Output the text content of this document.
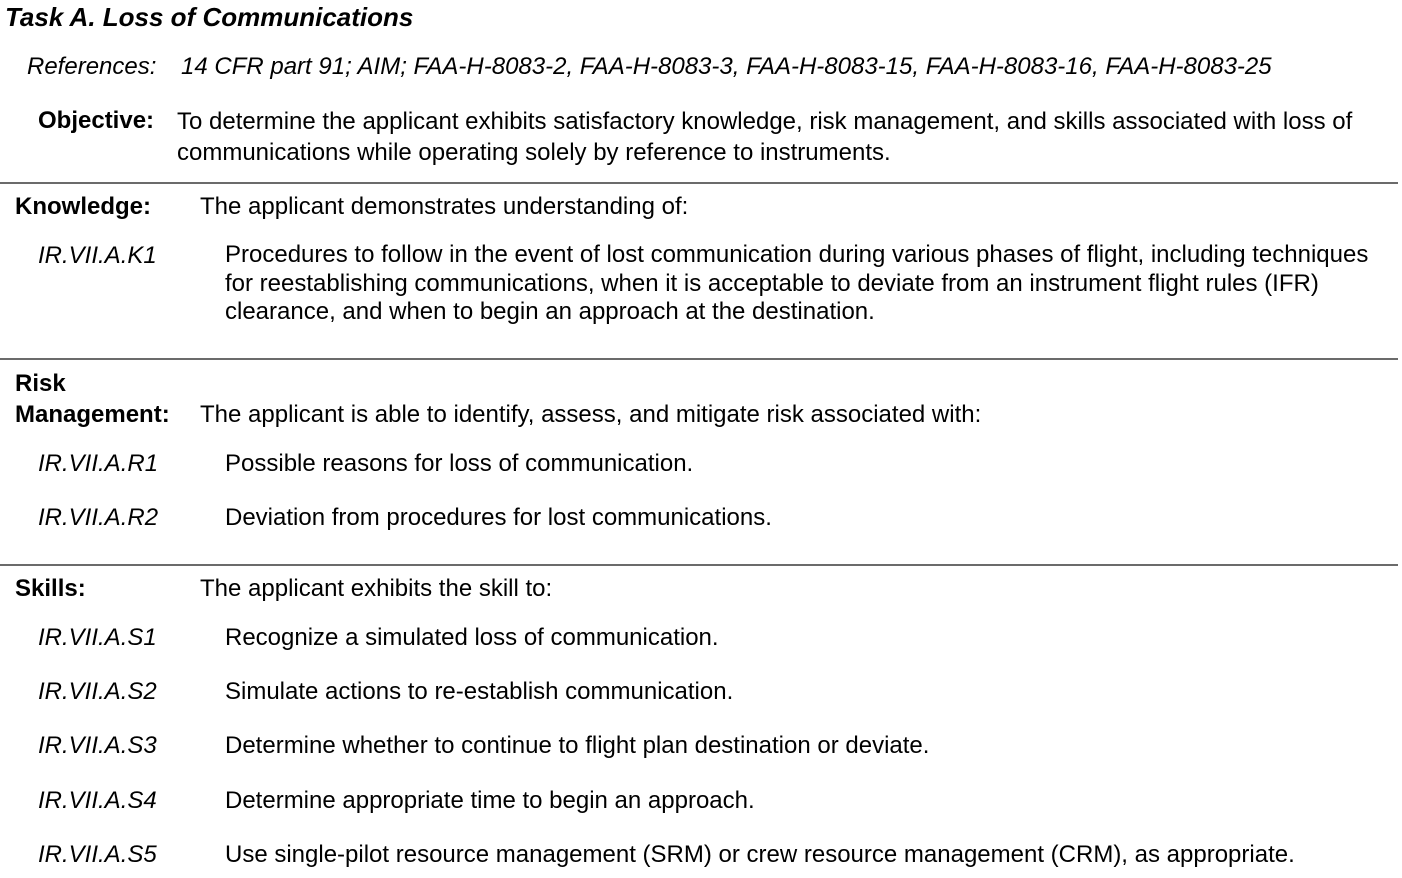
Task A. Loss of Communications
References: 14 CFR part 91; AIM; FAA-H-8083-2, FAA-H-8083-3, FAA-H-8083-15, FAA-H-8083-16, FAA-H-8083-25
Objective: To determine the applicant exhibits satisfactory knowledge, risk management, and skills associated with loss of communications while operating solely by reference to instruments.
Knowledge: The applicant demonstrates understanding of:
IR.VII.A.K1	Procedures to follow in the event of lost communication during various phases of flight, including techniques for reestablishing communications, when it is acceptable to deviate from an instrument flight rules (IFR) clearance, and when to begin an approach at the destination.
Risk Management:	The applicant is able to identify, assess, and mitigate risk associated with:
IR.VII.A.R1	Possible reasons for loss of communication.
IR.VII.A.R2	Deviation from procedures for lost communications.
Skills:	The applicant exhibits the skill to:
IR.VII.A.S1	Recognize a simulated loss of communication.
IR.VII.A.S2	Simulate actions to re-establish communication.
IR.VII.A.S3	Determine whether to continue to flight plan destination or deviate.
IR.VII.A.S4	Determine appropriate time to begin an approach.
IR.VII.A.S5	Use single-pilot resource management (SRM) or crew resource management (CRM), as appropriate.
